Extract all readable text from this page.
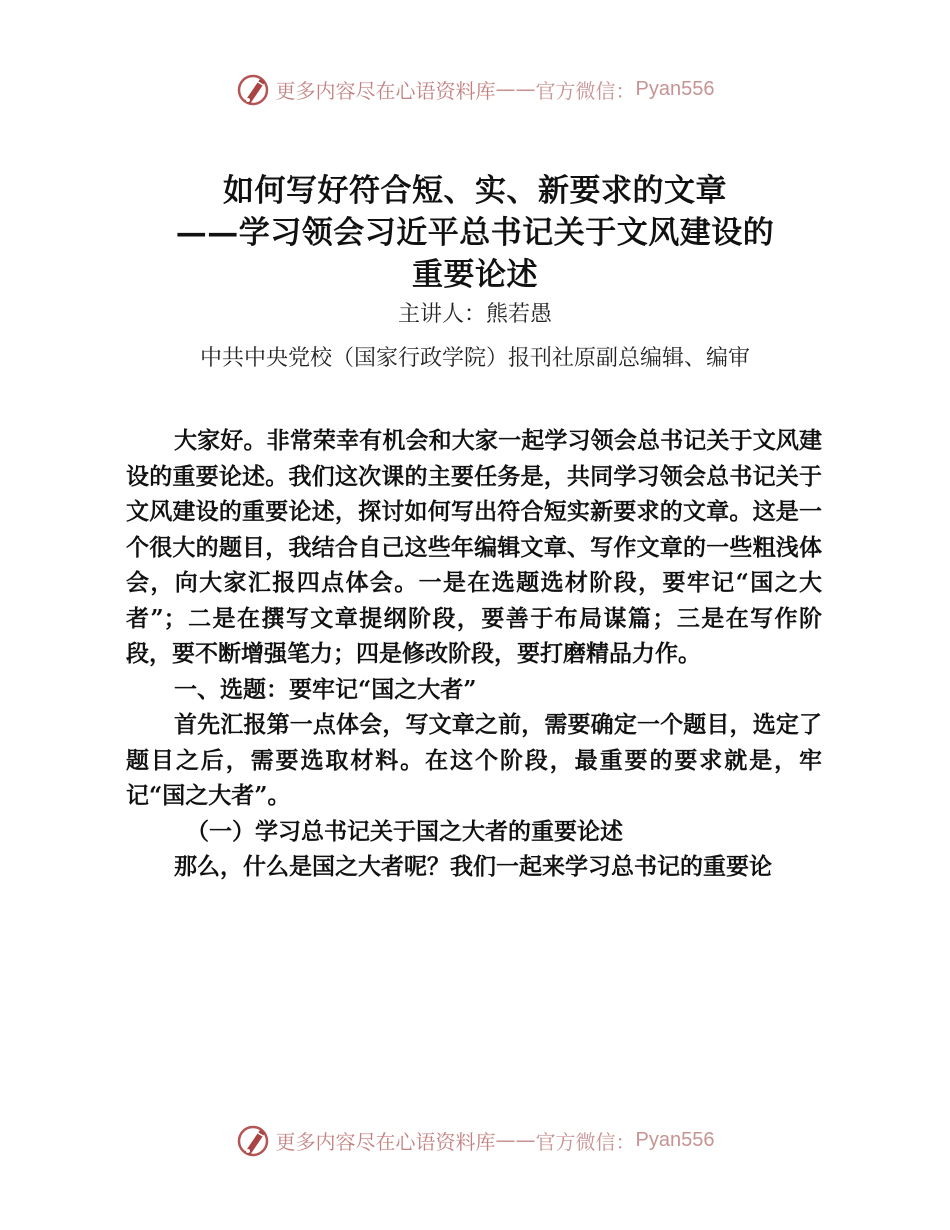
更多内容尽在心语资料库 —— 官方微信： Pyan556
如何写好符合短、实、新要求的文章
——学习领会习近平总书记关于文风建设的
重要论述
主讲人：熊若愚
中共中央党校（国家行政学院）报刊社原副总编辑、编审

大家好。非常荣幸有机会和大家一起学习领会总书记关于文风建设的重要论述。我们这次课的主要任务是，共同学习领会总书记关于文风建设的重要论述，探讨如何写出符合短实新要求的文章。这是一个很大的题目，我结合自己这些年编辑文章、写作文章的一些粗浅体会，向大家汇报四点体会。一是在选题选材阶段，要牢记“国之大者”；二是在撰写文章提纲阶段，要善于布局谋篇；三是在写作阶段，要不断增强笔力；四是修改阶段，要打磨精品力作。

一、选题：要牢记“国之大者”

首先汇报第一点体会，写文章之前，需要确定一个题目，选定了题目之后，需要选取材料。在这个阶段，最重要的要求就是，牢记“国之大者”。

（一）学习总书记关于国之大者的重要论述

那么，什么是国之大者呢？我们一起来学习总书记的重要论

更多内容尽在心语资料库 —— 官方微信： Pyan556
